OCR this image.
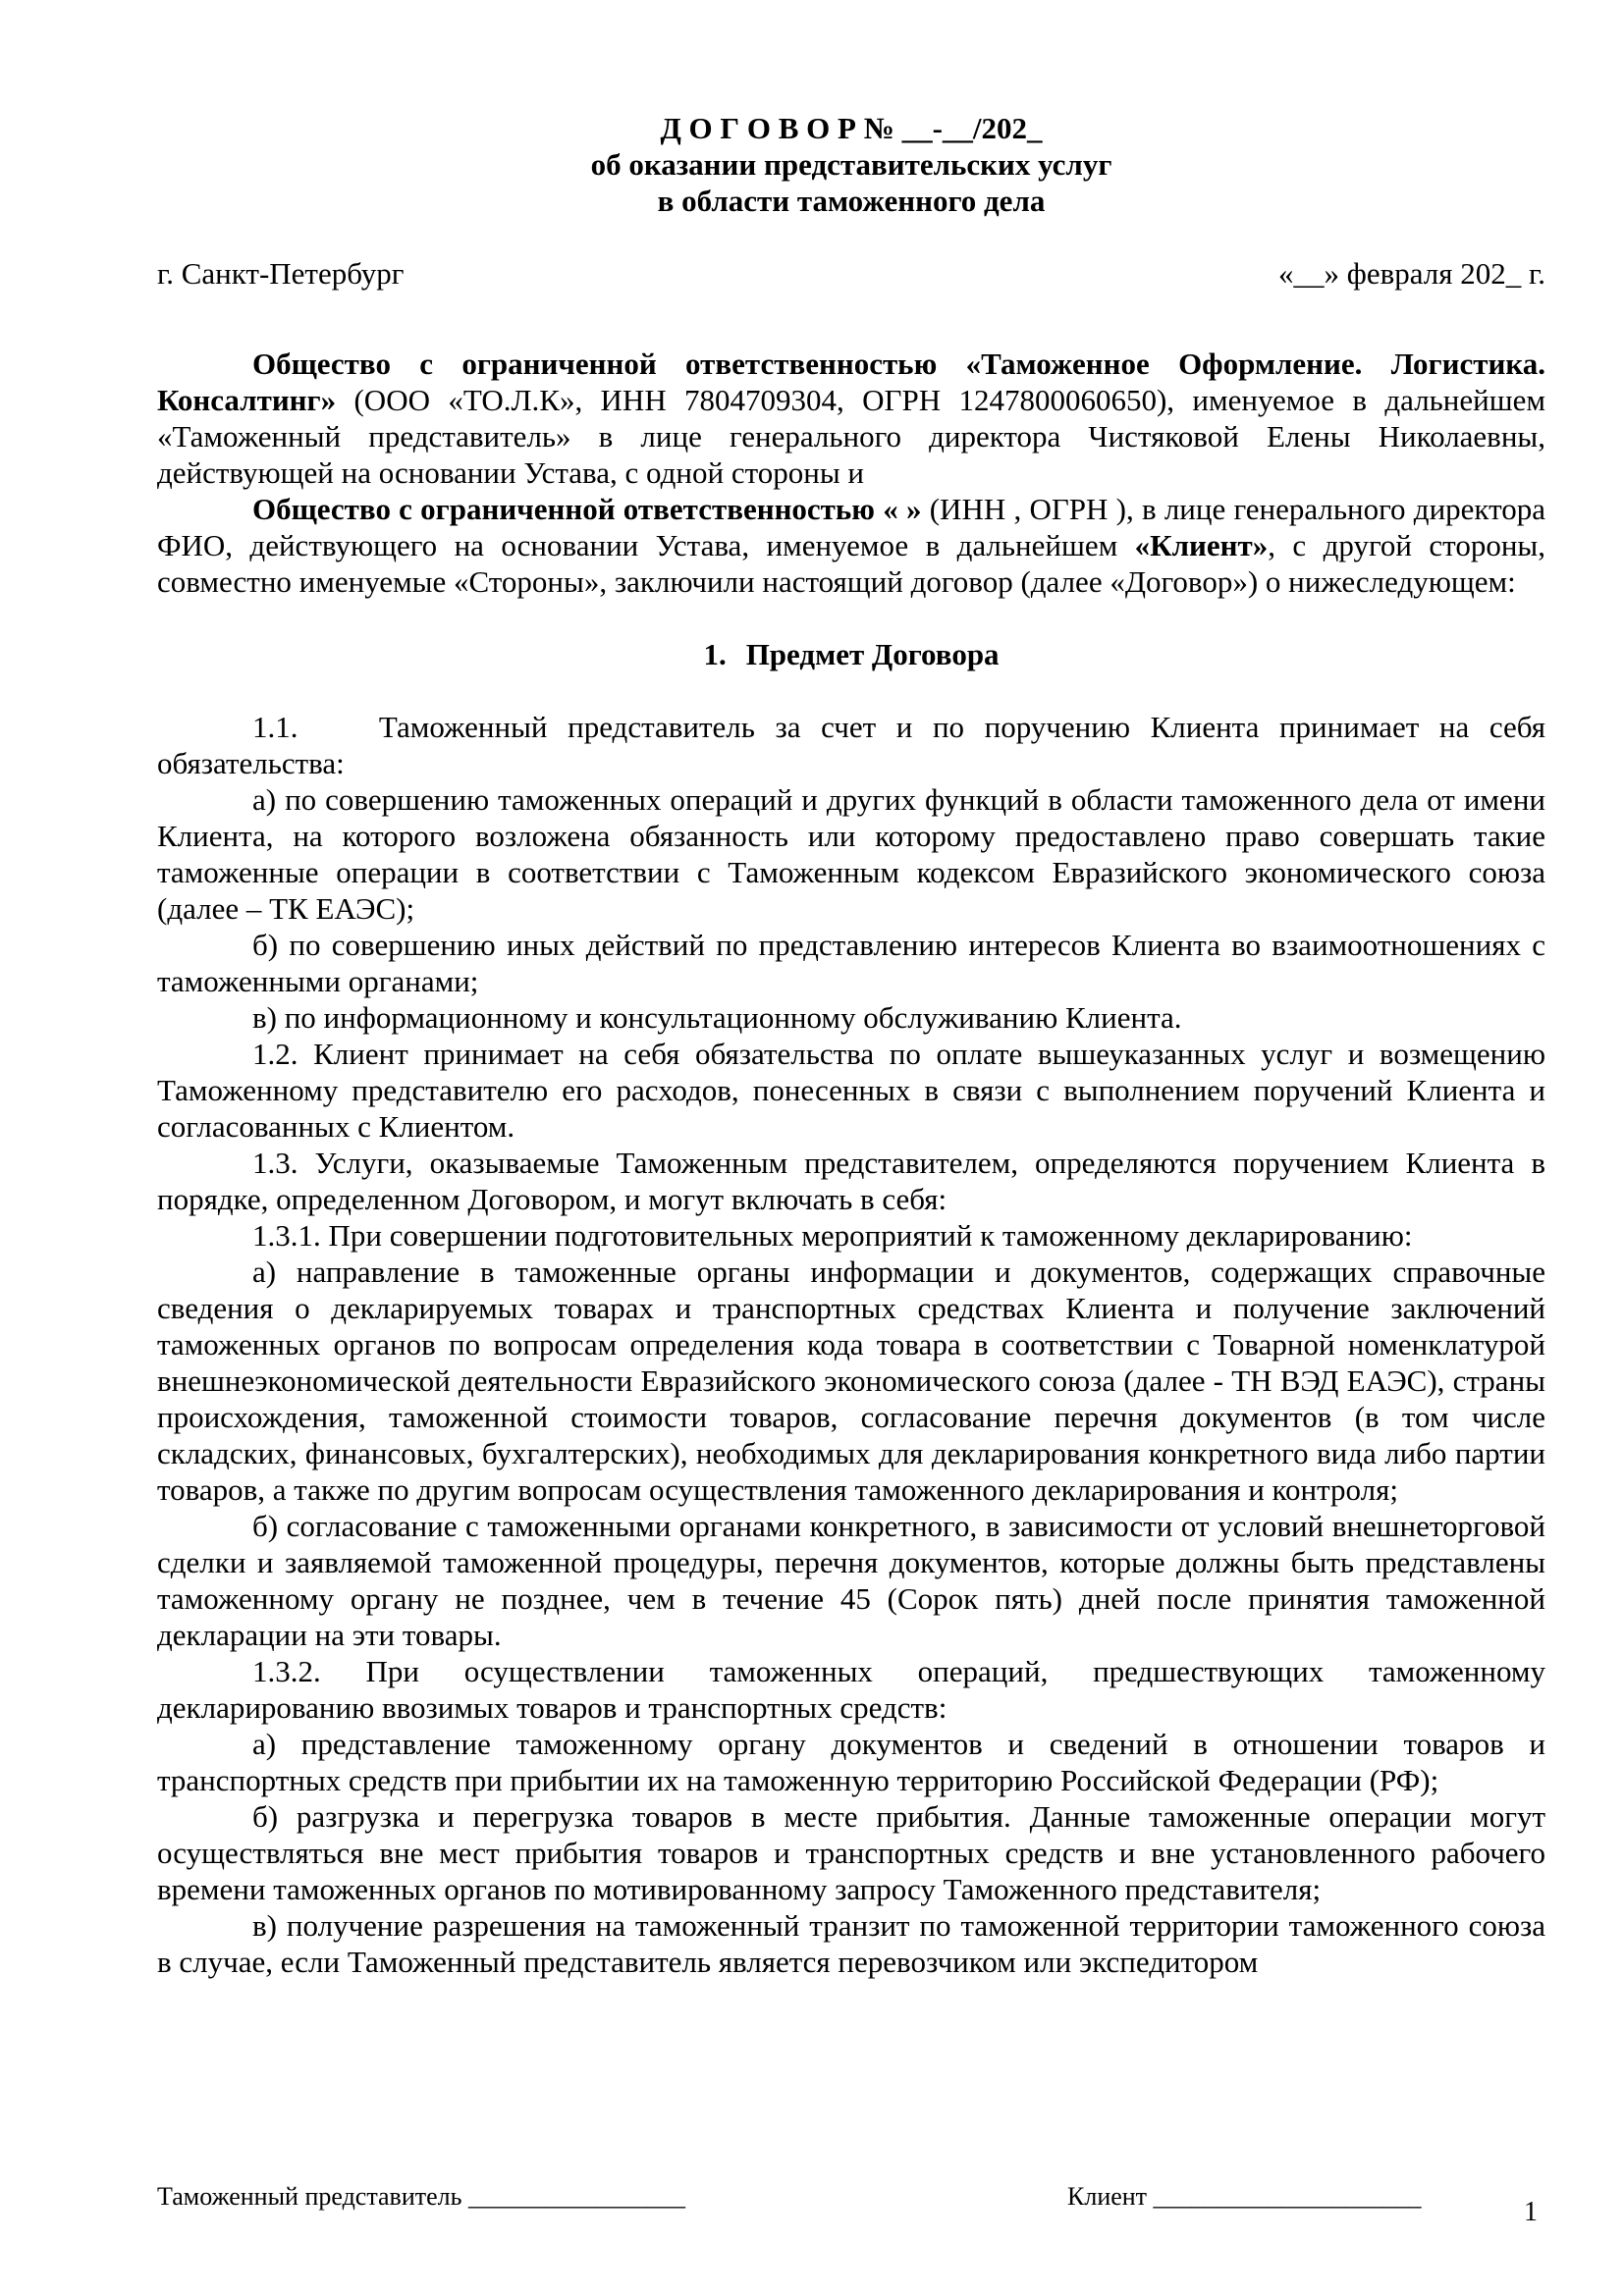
Д О Г О В О Р № __-__/202_
об оказании представительских услуг
в области таможенного дела
г. Санкт-Петербург	«__» февраля 202_ г.

Общество с ограниченной ответственностью «Таможенное Оформление. Логистика. Консалтинг» (ООО «ТО.Л.К», ИНН 7804709304, ОГРН 1247800060650), именуемое в дальнейшем «Таможенный представитель» в лице генерального директора Чистяковой Елены Николаевны, действующей на основании Устава, с одной стороны и

Общество с ограниченной ответственностью « » (ИНН , ОГРН ), в лице генерального директора ФИО, действующего на основании Устава, именуемое в дальнейшем «Клиент», с другой стороны, совместно именуемые «Стороны», заключили настоящий договор (далее «Договор») о нижеследующем:

1. Предмет Договора

1.1.    Таможенный представитель за счет и по поручению Клиента принимает на себя обязательства:

а) по совершению таможенных операций и других функций в области таможенного дела от имени Клиента, на которого возложена обязанность или которому предоставлено право совершать такие таможенные операции в соответствии с Таможенным кодексом Евразийского экономического союза (далее – ТК ЕАЭС);

б) по совершению иных действий по представлению интересов Клиента во взаимоотношениях с таможенными органами;

в) по информационному и консультационному обслуживанию Клиента.

1.2. Клиент принимает на себя обязательства по оплате вышеуказанных услуг и возмещению Таможенному представителю его расходов, понесенных в связи с выполнением поручений Клиента и согласованных с Клиентом.

1.3. Услуги, оказываемые Таможенным представителем, определяются поручением Клиента в порядке, определенном Договором, и могут включать в себя:

1.3.1. При совершении подготовительных мероприятий к таможенному декларированию:

а) направление в таможенные органы информации и документов, содержащих справочные сведения о декларируемых товарах и транспортных средствах Клиента и получение заключений таможенных органов по вопросам определения кода товара в соответствии с Товарной номенклатурой внешнеэкономической деятельности Евразийского экономического союза (далее - ТН ВЭД ЕАЭС), страны происхождения, таможенной стоимости товаров, согласование перечня документов (в том числе складских, финансовых, бухгалтерских), необходимых для декларирования конкретного вида либо партии товаров, а также по другим вопросам осуществления таможенного декларирования и контроля;

б) согласование с таможенными органами конкретного, в зависимости от условий внешнеторговой сделки и заявляемой таможенной процедуры, перечня документов, которые должны быть представлены таможенному органу не позднее, чем в течение 45 (Сорок пять) дней после принятия таможенной декларации на эти товары.

1.3.2. При осуществлении таможенных операций, предшествующих таможенному декларированию ввозимых товаров и транспортных средств:

а) представление таможенному органу документов и сведений в отношении товаров и транспортных средств при прибытии их на таможенную территорию Российской Федерации (РФ);

б) разгрузка и перегрузка товаров в месте прибытия. Данные таможенные операции могут осуществляться вне мест прибытия товаров и транспортных средств и вне установленного рабочего времени таможенных органов по мотивированному запросу Таможенного представителя;

в) получение разрешения на таможенный транзит по таможенной территории таможенного союза в случае, если Таможенный представитель является перевозчиком или экспедитором

Таможенный представитель _________________	Клиент _____________________
1
